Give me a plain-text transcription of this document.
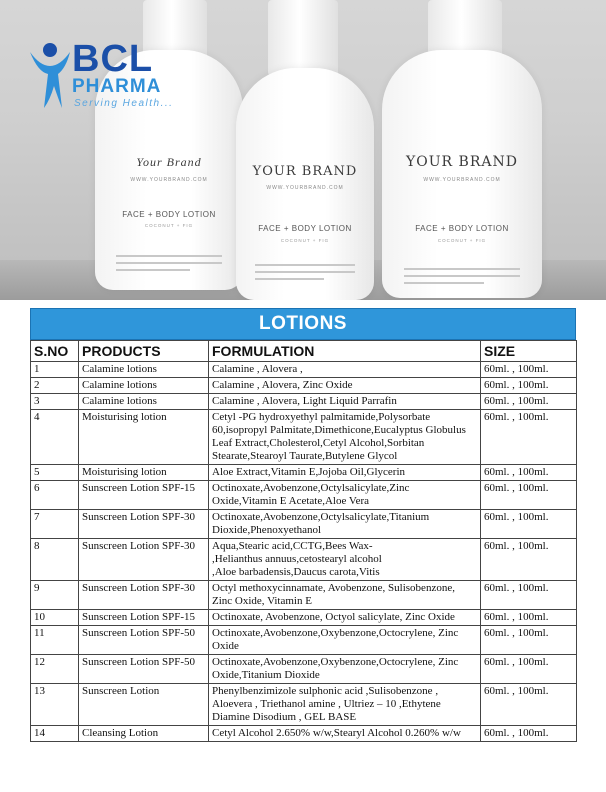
Your Brand
WWW.YOURBRAND.COM
FACE + BODY LOTION
COCONUT + FIG
YOUR BRAND
WWW.YOURBRAND.COM
FACE + BODY LOTION
COCONUT + FIG
YOUR BRAND
WWW.YOURBRAND.COM
FACE + BODY LOTION
COCONUT + FIG
BCL
PHARMA
Serving Health...
LOTIONS
S.NO	PRODUCTS	FORMULATION	SIZE
1	Calamine lotions	Calamine , Alovera ,	60ml. , 100ml.
2	Calamine lotions	Calamine , Alovera, Zinc Oxide	60ml. , 100ml.
3	Calamine lotions	Calamine , Alovera, Light Liquid Parrafin	60ml. , 100ml.
4	Moisturising lotion	Cetyl -PG hydroxyethyl palmitamide,Polysorbate 60,isopropyl Palmitate,Dimethicone,Eucalyptus Globulus Leaf Extract,Cholesterol,Cetyl Alcohol,Sorbitan Stearate,Stearoyl Taurate,Butylene Glycol	60ml. , 100ml.
5	Moisturising lotion	Aloe Extract,Vitamin E,Jojoba Oil,Glycerin	60ml. , 100ml.
6	Sunscreen Lotion SPF-15	Octinoxate,Avobenzone,Octylsalicylate,Zinc Oxide,Vitamin E Acetate,Aloe Vera	60ml. , 100ml.
7	Sunscreen Lotion SPF-30	Octinoxate,Avobenzone,Octylsalicylate,Titanium Dioxide,Phenoxyethanol	60ml. , 100ml.
8	Sunscreen Lotion SPF-30	Aqua,Stearic acid,CCTG,Bees Wax-
,Helianthus annuus,cetostearyl alcohol
,Aloe barbadensis,Daucus carota,Vitis	60ml. , 100ml.
9	Sunscreen Lotion SPF-30	Octyl methoxycinnamate, Avobenzone, Sulisobenzone, Zinc Oxide, Vitamin E	60ml. , 100ml.
10	Sunscreen Lotion SPF-15	Octinoxate, Avobenzone, Octyol salicylate, Zinc Oxide	60ml. , 100ml.
11	Sunscreen Lotion SPF-50	Octinoxate,Avobenzone,Oxybenzone,Octocrylene, Zinc Oxide	60ml. , 100ml.
12	Sunscreen Lotion SPF-50	Octinoxate,Avobenzone,Oxybenzone,Octocrylene, Zinc Oxide,Titanium Dioxide	60ml. , 100ml.
13	Sunscreen Lotion	Phenylbenzimizole sulphonic acid ,Sulisobenzone , Aloevera , Triethanol amine , Ultriez – 10 ,Ethytene Diamine Disodium , GEL BASE	60ml. , 100ml.
14	Cleansing Lotion	Cetyl Alcohol 2.650% w/w,Stearyl Alcohol 0.260% w/w	60ml. , 100ml.
